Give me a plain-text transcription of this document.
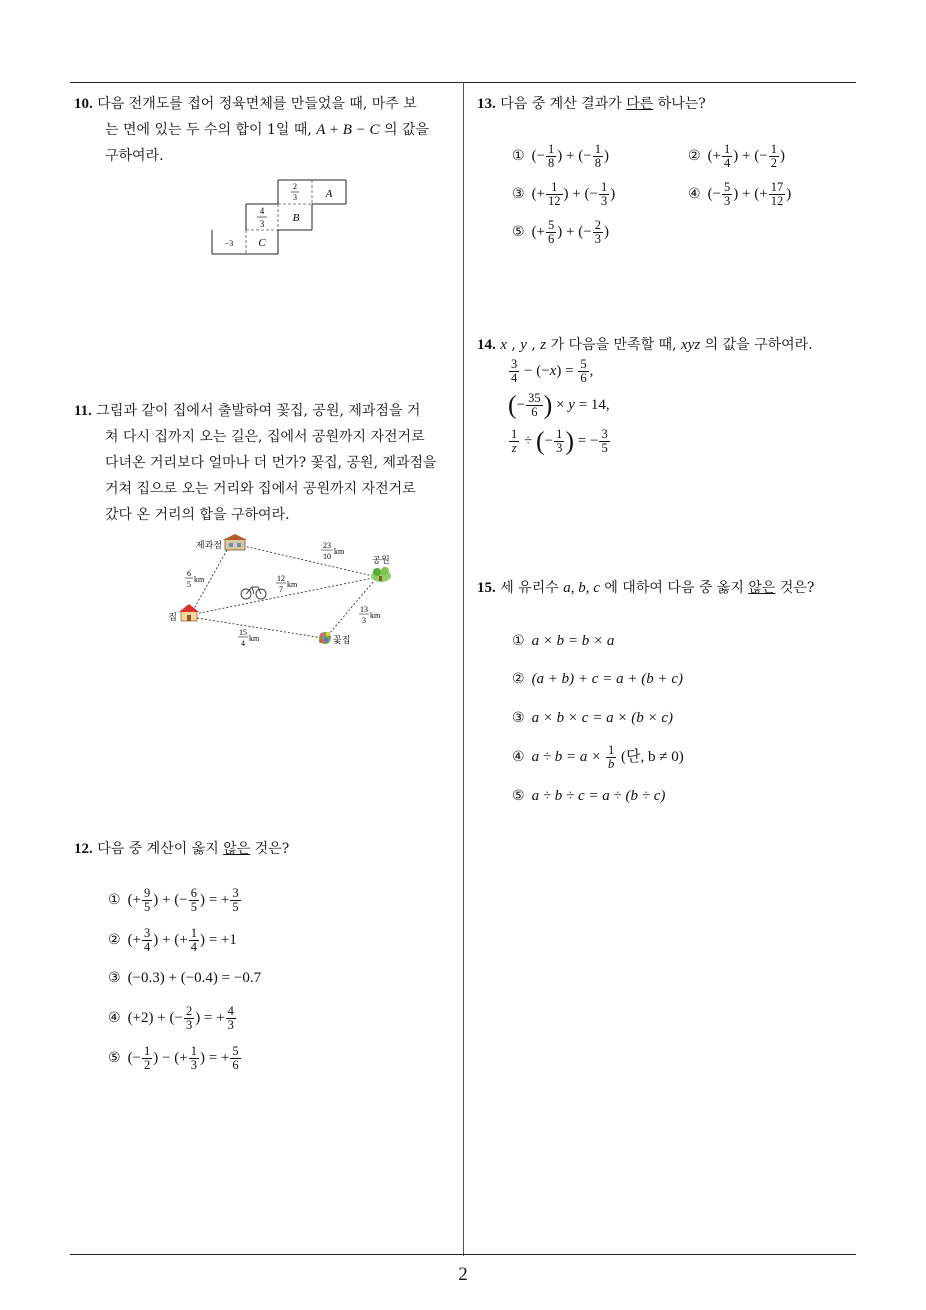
2
10. 다음 전개도를 접어 정육면체를 만들었을 때, 마주 보
는 면에 있는 두 수의 합이 1일 때, A + B − C 의 값을
구하여라.
2
3	A
4
3	B
−3 C
11. 그림과 같이 집에서 출발하여 꽃집, 공원, 제과점을 거
쳐 다시 집까지 오는 길은, 집에서 공원까지 자전거로
다녀온 거리보다 얼마나 더 먼가? 꽃집, 공원, 제과점을
거쳐 집으로 오는 거리와 집에서 공원까지 자전거로
갔다 온 거리의 합을 구하여라.
제과점
공원
집
꽃집
23
10
km
6
5
km	12
7
km
13
3
km
15
4
km
12. 다음 중 계산이 옳지 않은 것은?
① (+ $\frac{9}{5}$ ) + (− $\frac{6}{5}$ ) = + $\frac{3}{5}$
② (+ $\frac{3}{4}$ ) + (+ $\frac{1}{4}$ ) = +1
③ (−0.3) + (−0.4) = −0.7
④ (+2) + (− $\frac{2}{3}$ ) = + $\frac{4}{3}$
⑤ (− $\frac{1}{2}$ ) − (+ $\frac{1}{3}$ ) = + $\frac{5}{6}$
13. 다음 중 계산 결과가 다른 하나는?
① (− $\frac{1}{8}$ ) + (− $\frac{1}{8}$ )	② (+ $\frac{1}{4}$ ) + (− $\frac{1}{2}$ )
③ (+ $\frac{1}{12}$ ) + (− $\frac{1}{3}$ )	④ (− $\frac{5}{3}$ ) + (+ $\frac{17}{12}$ )
⑤ (+ $\frac{5}{6}$ ) + (− $\frac{2}{3}$ )
14. x , y , z 가 다음을 만족할 때, xyz 의 값을 구하여라.
$\frac{3}{4} - (-x) = \frac{5}{6}$ ,
(− $\frac{35}{6}$ ) × y = 14,
$\frac{1}{z}$ ÷ (− $\frac{1}{3}$ ) = − $\frac{3}{5}$
15. 세 유리수 a, b, c 에 대하여 다음 중 옳지 않은 것은?
① a × b = b × a
② (a + b) + c = a + (b + c)
③ a × b × c = a × (b × c)
④ $a \div b = a \times \frac{1}{b}$ (단, b ≠ 0)
⑤ a ÷ b ÷ c = a ÷ (b ÷ c)
